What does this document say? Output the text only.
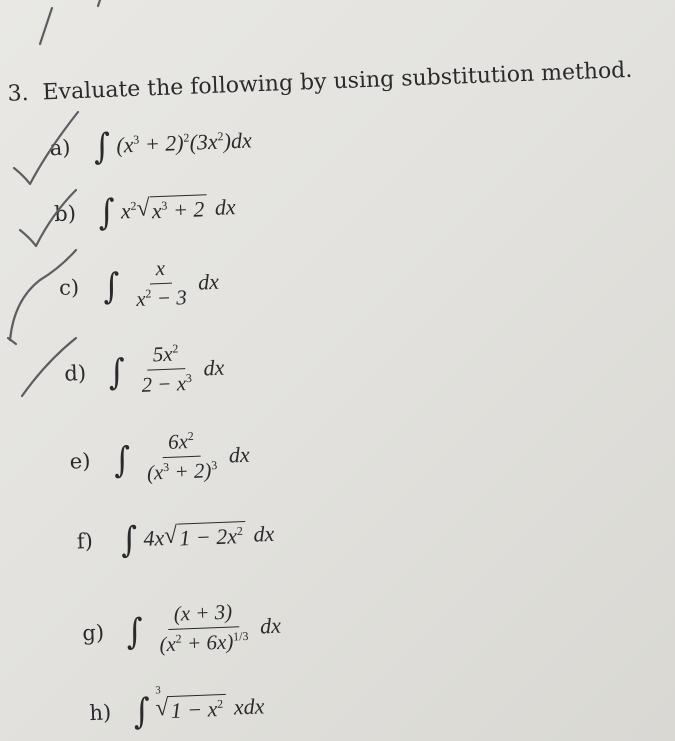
3. Evaluate the following by using substitution method.
a) ∫ $(x^3 + 2)^2(3x^2)dx$
b) ∫ $x^2$ √ $x^3 + 2$ dx
c) ∫ $\frac{x}{x^2 - 3}$ dx
d) ∫ $\frac{5x^2}{2 - x^3}$ dx
e) ∫ $\frac{6x^2}{(x^3 + 2)^3}$ dx
f) ∫ 4x
√ $1 - 2x^2$ dx
g) ∫ $\frac{(x + 3)}{(x^2 + 6x)^{1/3}}$ dx
h) ∫ 3
√ $1 - x^2$ xdx
